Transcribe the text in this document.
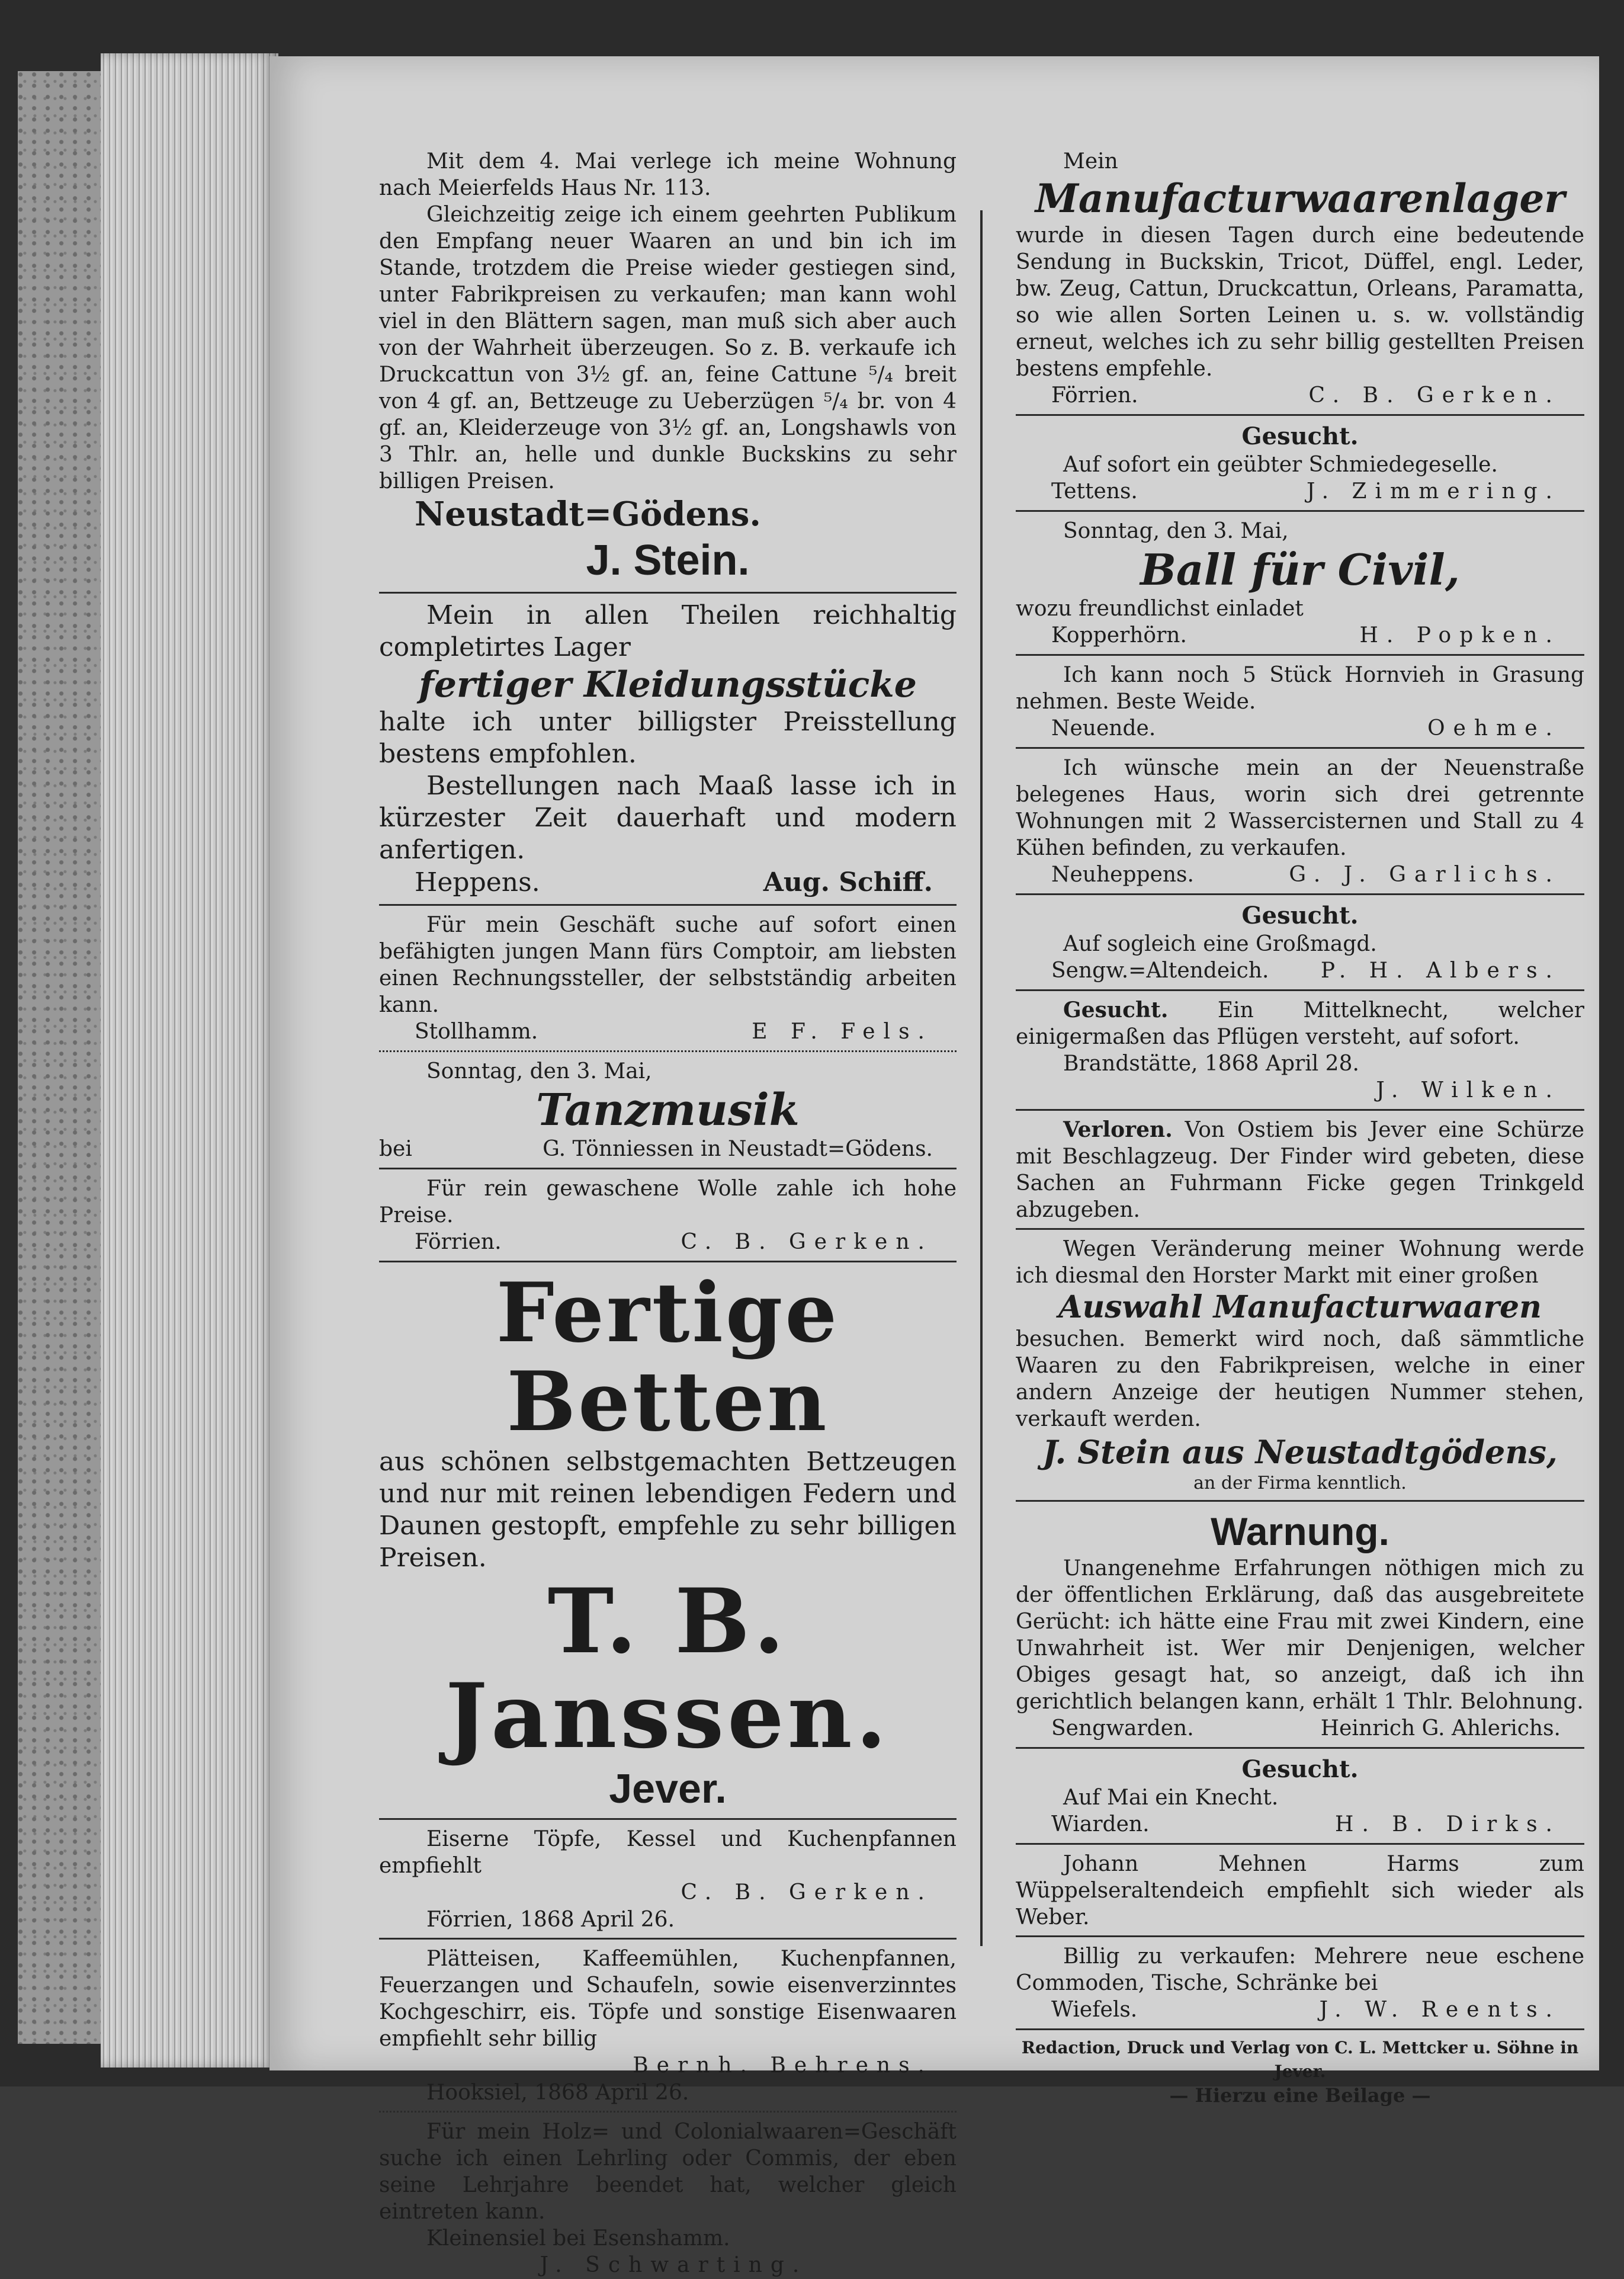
Mit dem 4. Mai verlege ich meine Wohnung nach Meierfelds Haus Nr. 113.

Gleichzeitig zeige ich einem geehrten Publikum den Empfang neuer Waaren an und bin ich im Stande, trotzdem die Preise wieder gestiegen sind, unter Fabrikpreisen zu verkaufen; man kann wohl viel in den Blättern sagen, man muß sich aber auch von der Wahrheit überzeugen. So z. B. verkaufe ich Druckcattun von 3½ gf. an, feine Cattune ⁵/₄ breit von 4 gf. an, Bettzeuge zu Ueberzügen ⁵/₄ br. von 4 gf. an, Kleiderzeuge von 3½ gf. an, Longshawls von 3 Thlr. an, helle und dunkle Buckskins zu sehr billigen Preisen.

Neustadt=Gödens.

J. Stein.

Mein in allen Theilen reichhaltig completirtes Lager

fertiger Kleidungsstücke

halte ich unter billigster Preisstellung bestens empfohlen.

Bestellungen nach Maaß lasse ich in kürzester Zeit dauerhaft und modern anfertigen.

Heppens.	Aug. Schiff.

Für mein Geschäft suche auf sofort einen befähigten jungen Mann fürs Comptoir, am liebsten einen Rechnungssteller, der selbstständig arbeiten kann.

Stollhamm.	E F. Fels.

Sonntag, den 3. Mai,

Tanzmusik

bei	G. Tönniessen in Neustadt=Gödens.

Für rein gewaschene Wolle zahle ich hohe Preise.

Förrien.	C. B. Gerken.

Fertige Betten

aus schönen selbstgemachten Bettzeugen und nur mit reinen lebendigen Federn und Daunen gestopft, empfehle zu sehr billigen Preisen.

T. B. Janssen.

Jever.

Eiserne Töpfe, Kessel und Kuchenpfannen empfiehlt

C. B. Gerken.

Förrien, 1868 April 26.

Plätteisen, Kaffeemühlen, Kuchenpfannen, Feuerzangen und Schaufeln, sowie eisenverzinntes Kochgeschirr, eis. Töpfe und sonstige Eisenwaaren empfiehlt sehr billig

Bernh. Behrens.

Hooksiel, 1868 April 26.

Für mein Holz= und Colonialwaaren=Geschäft suche ich einen Lehrling oder Commis, der eben seine Lehrjahre beendet hat, welcher gleich eintreten kann.

Kleinensiel bei Esenshamm.

J. Schwarting.

Mein

Manufacturwaarenlager

wurde in diesen Tagen durch eine bedeutende Sendung in Buckskin, Tricot, Düffel, engl. Leder, bw. Zeug, Cattun, Druckcattun, Orleans, Paramatta, so wie allen Sorten Leinen u. s. w. vollständig erneut, welches ich zu sehr billig gestellten Preisen bestens empfehle.

Förrien.	C. B. Gerken.

Gesucht.

Auf sofort ein geübter Schmiedegeselle.

Tettens.	J. Zimmering.

Sonntag, den 3. Mai,

Ball für Civil,

wozu freundlichst einladet

Kopperhörn.	H. Popken.

Ich kann noch 5 Stück Hornvieh in Grasung nehmen. Beste Weide.

Neuende.	Oehme.

Ich wünsche mein an der Neuenstraße belegenes Haus, worin sich drei getrennte Wohnungen mit 2 Wassercisternen und Stall zu 4 Kühen befinden, zu verkaufen.

Neuheppens.	G. J. Garlichs.

Gesucht.

Auf sogleich eine Großmagd.

Sengw.=Altendeich. P. H. Albers.

Gesucht. Ein Mittelknecht, welcher einigermaßen das Pflügen versteht, auf sofort.

Brandstätte, 1868 April 28.

J. Wilken.

Verloren. Von Ostiem bis Jever eine Schürze mit Beschlagzeug. Der Finder wird gebeten, diese Sachen an Fuhrmann Ficke gegen Trinkgeld abzugeben.

Wegen Veränderung meiner Wohnung werde ich diesmal den Horster Markt mit einer großen

Auswahl Manufacturwaaren

besuchen. Bemerkt wird noch, daß sämmtliche Waaren zu den Fabrikpreisen, welche in einer andern Anzeige der heutigen Nummer stehen, verkauft werden.

J. Stein aus Neustadtgödens,

an der Firma kenntlich.

Warnung.

Unangenehme Erfahrungen nöthigen mich zu der öffentlichen Erklärung, daß das ausgebreitete Gerücht: ich hätte eine Frau mit zwei Kindern, eine Unwahrheit ist. Wer mir Denjenigen, welcher Obiges gesagt hat, so anzeigt, daß ich ihn gerichtlich belangen kann, erhält 1 Thlr. Belohnung.

Sengwarden.	Heinrich G. Ahlerichs.

Gesucht.

Auf Mai ein Knecht.

Wiarden.	H. B. Dirks.

Johann Mehnen Harms zum Wüppelseraltendeich empfiehlt sich wieder als Weber.

Billig zu verkaufen: Mehrere neue eschene Commoden, Tische, Schränke bei

Wiefels.	J. W. Reents.

Redaction, Druck und Verlag von C. L. Mettcker u. Söhne in Jever.

— Hierzu eine Beilage —
